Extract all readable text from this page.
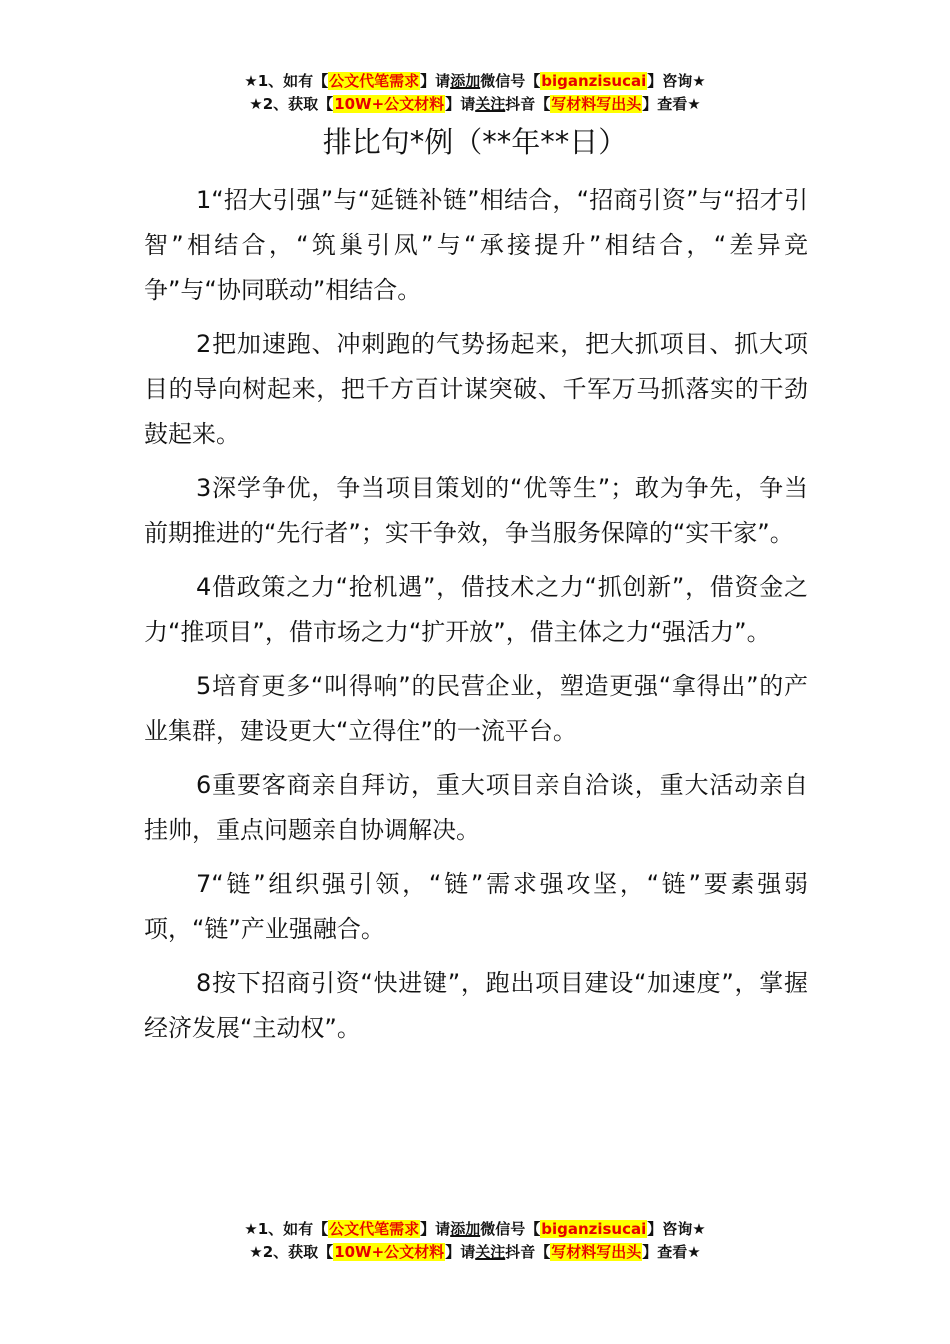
★1、如有【公文代笔需求】请添加微信号【biganzisucai】咨询★
★2、获取【10W+公文材料】请关注抖音【写材料写出头】查看★
排比句*例（**年**日）

1“招大引强”与“延链补链”相结合，“招商引资”与“招才引智”相结合，“筑巢引凤”与“承接提升”相结合，“差异竞争”与“协同联动”相结合。

2把加速跑、冲刺跑的气势扬起来，把大抓项目、抓大项目的导向树起来，把千方百计谋突破、千军万马抓落实的干劲鼓起来。

3深学争优，争当项目策划的“优等生”；敢为争先，争当前期推进的“先行者”；实干争效，争当服务保障的“实干家”。

4借政策之力“抢机遇”，借技术之力“抓创新”，借资金之力“推项目”，借市场之力“扩开放”，借主体之力“强活力”。

5培育更多“叫得响”的民营企业，塑造更强“拿得出”的产业集群，建设更大“立得住”的一流平台。

6重要客商亲自拜访，重大项目亲自洽谈，重大活动亲自挂帅，重点问题亲自协调解决。

7“链”组织强引领，“链”需求强攻坚，“链”要素强弱项，“链”产业强融合。

8按下招商引资“快进键”，跑出项目建设“加速度”，掌握经济发展“主动权”。

★1、如有【公文代笔需求】请添加微信号【biganzisucai】咨询★
★2、获取【10W+公文材料】请关注抖音【写材料写出头】查看★
